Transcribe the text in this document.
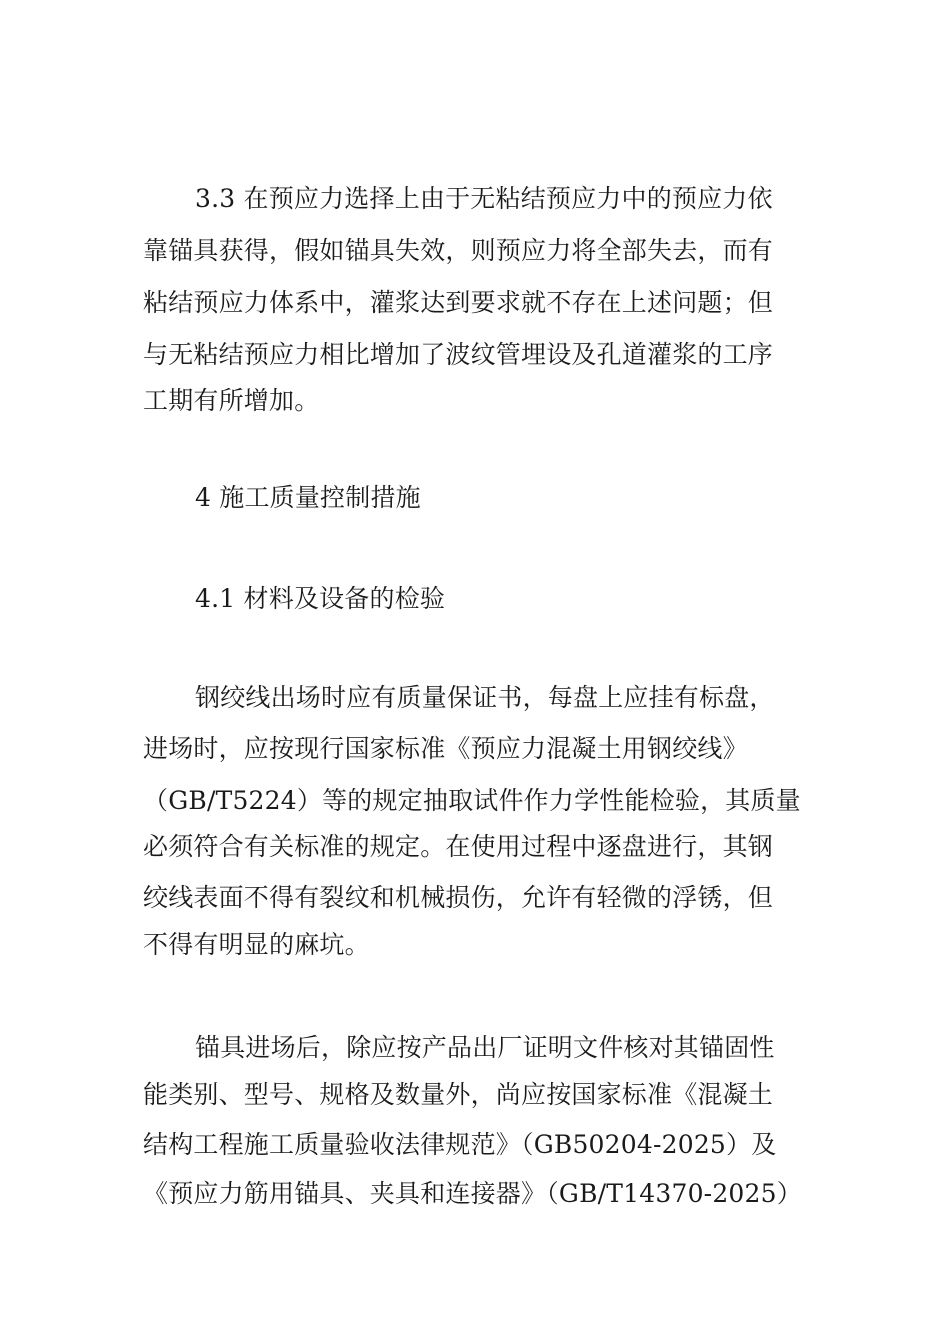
3.3 在预应力选择上由于无粘结预应力中的预应力依
靠锚具获得，假如锚具失效，则预应力将全部失去，而有
粘结预应力体系中，灌浆达到要求就不存在上述问题；但
与无粘结预应力相比增加了波纹管埋设及孔道灌浆的工序
工期有所增加。
4 施工质量控制措施
4.1 材料及设备的检验
钢绞线出场时应有质量保证书，每盘上应挂有标盘，
进场时，应按现行国家标准《预应力混凝土用钢绞线》
（GB/T5224）等的规定抽取试件作力学性能检验，其质量
必须符合有关标准的规定。在使用过程中逐盘进行，其钢
绞线表面不得有裂纹和机械损伤，允许有轻微的浮锈，但
不得有明显的麻坑。
锚具进场后，除应按产品出厂证明文件核对其锚固性
能类别、型号、规格及数量外，尚应按国家标准《混凝土
结构工程施工质量验收法律规范》（GB50204-2025）及
《预应力筋用锚具、夹具和连接器》（GB/T14370-2025）
